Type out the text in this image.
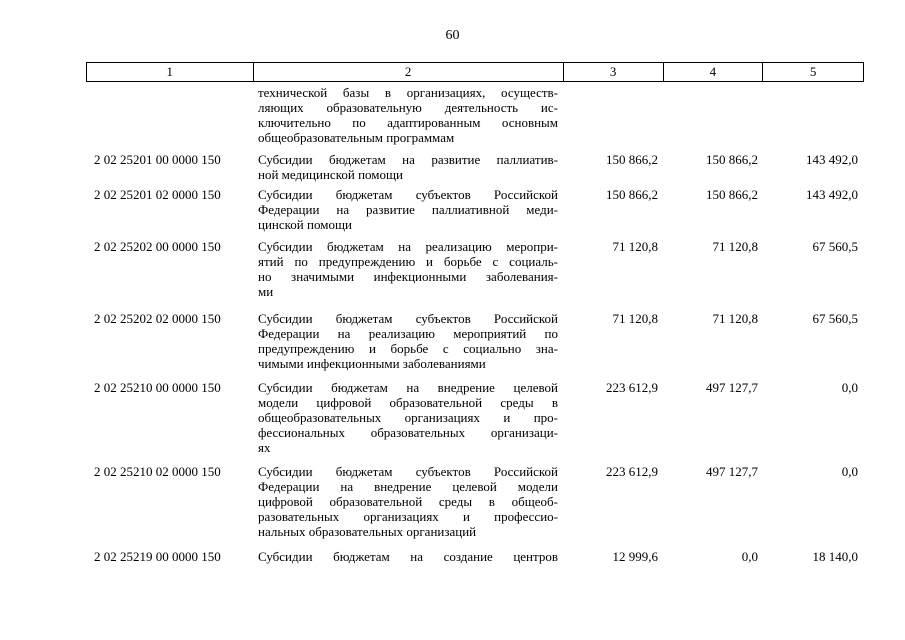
60
1	2	3	4	5
технической базы в организациях, осуществ-
ляющих образовательную деятельность ис-
ключительно по адаптированным основным
общеобразовательным программам
2 02 25201 00 0000 150	Субсидии бюджетам на развитие паллиатив-
ной медицинской помощи
150 866,2	150 866,2	143 492,0
2 02 25201 02 0000 150	Субсидии бюджетам субъектов Российской
Федерации на развитие паллиативной меди-
цинской помощи
150 866,2	150 866,2	143 492,0
2 02 25202 00 0000 150	Субсидии бюджетам на реализацию меропри-
ятий по предупреждению и борьбе с социаль-
но значимыми инфекционными заболевания-
ми
71 120,8	71 120,8	67 560,5
2 02 25202 02 0000 150	Субсидии бюджетам субъектов Российской
Федерации на реализацию мероприятий по
предупреждению и борьбе с социально зна-
чимыми инфекционными заболеваниями
71 120,8	71 120,8	67 560,5
2 02 25210 00 0000 150	Субсидии бюджетам на внедрение целевой
модели цифровой образовательной среды в
общеобразовательных организациях и про-
фессиональных образовательных организаци-
ях
223 612,9	497 127,7	0,0
2 02 25210 02 0000 150	Субсидии бюджетам субъектов Российской
Федерации на внедрение целевой модели
цифровой образовательной среды в общеоб-
разовательных организациях и профессио-
нальных образовательных организаций
223 612,9	497 127,7	0,0
2 02 25219 00 0000 150	Субсидии бюджетам на создание центров	12 999,6	0,0	18 140,0
